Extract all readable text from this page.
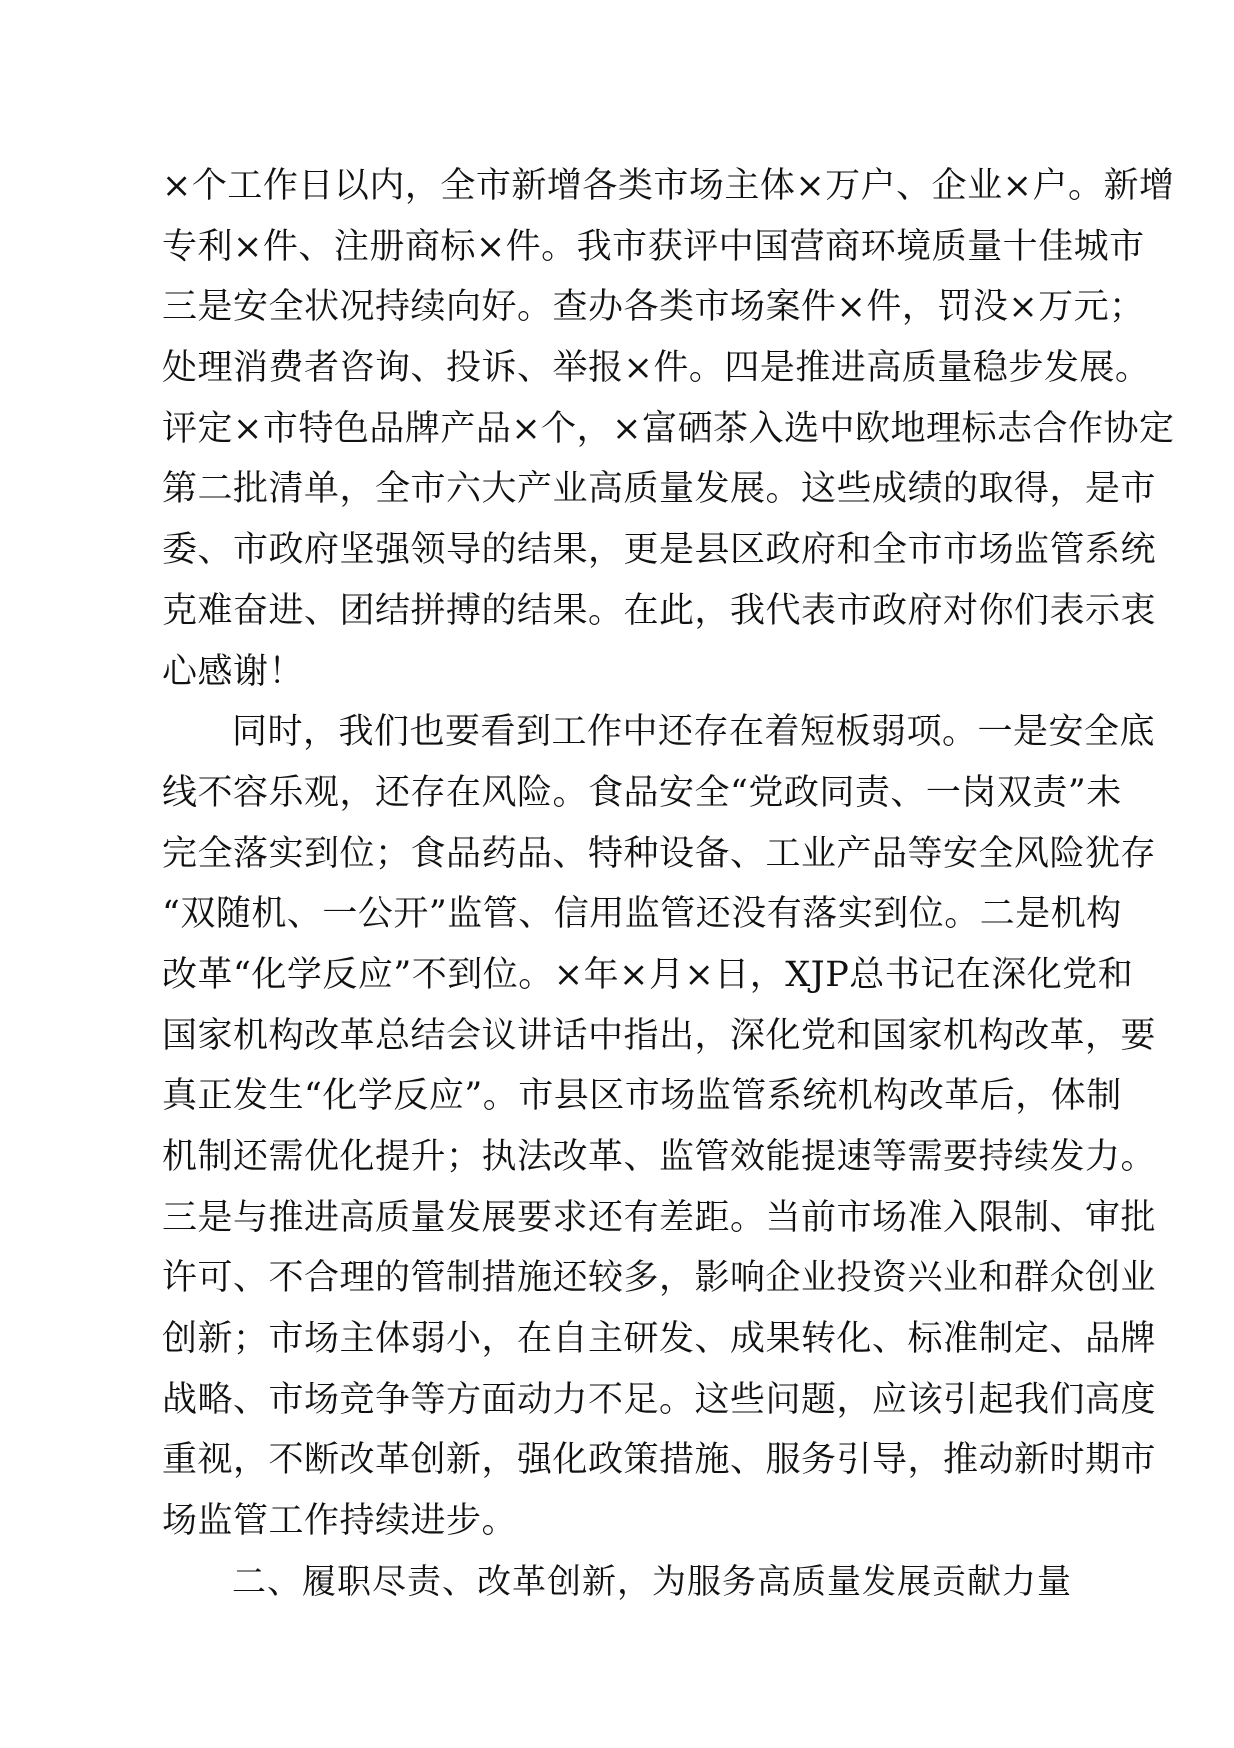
×个工作日以内，全市新增各类市场主体×万户、企业×户。新增
专利×件、注册商标×件。我市获评中国营商环境质量十佳城市
三是安全状况持续向好。查办各类市场案件×件，罚没×万元；
处理消费者咨询、投诉、举报×件。四是推进高质量稳步发展。
评定×市特色品牌产品×个，×富硒茶入选中欧地理标志合作协定
第二批清单，全市六大产业高质量发展。这些成绩的取得，是市
委、市政府坚强领导的结果，更是县区政府和全市市场监管系统
克难奋进、团结拼搏的结果。在此，我代表市政府对你们表示衷
心感谢！
同时，我们也要看到工作中还存在着短板弱项。一是安全底
线不容乐观，还存在风险。食品安全“党政同责、一岗双责”未
完全落实到位；食品药品、特种设备、工业产品等安全风险犹存
“双随机、一公开”监管、信用监管还没有落实到位。二是机构
改革“化学反应”不到位。×年×月×日，XJP总书记在深化党和
国家机构改革总结会议讲话中指出，深化党和国家机构改革，要
真正发生“化学反应”。市县区市场监管系统机构改革后，体制
机制还需优化提升；执法改革、监管效能提速等需要持续发力。
三是与推进高质量发展要求还有差距。当前市场准入限制、审批
许可、不合理的管制措施还较多，影响企业投资兴业和群众创业
创新；市场主体弱小，在自主研发、成果转化、标准制定、品牌
战略、市场竞争等方面动力不足。这些问题，应该引起我们高度
重视，不断改革创新，强化政策措施、服务引导，推动新时期市
场监管工作持续进步。
二、履职尽责、改革创新，为服务高质量发展贡献力量
